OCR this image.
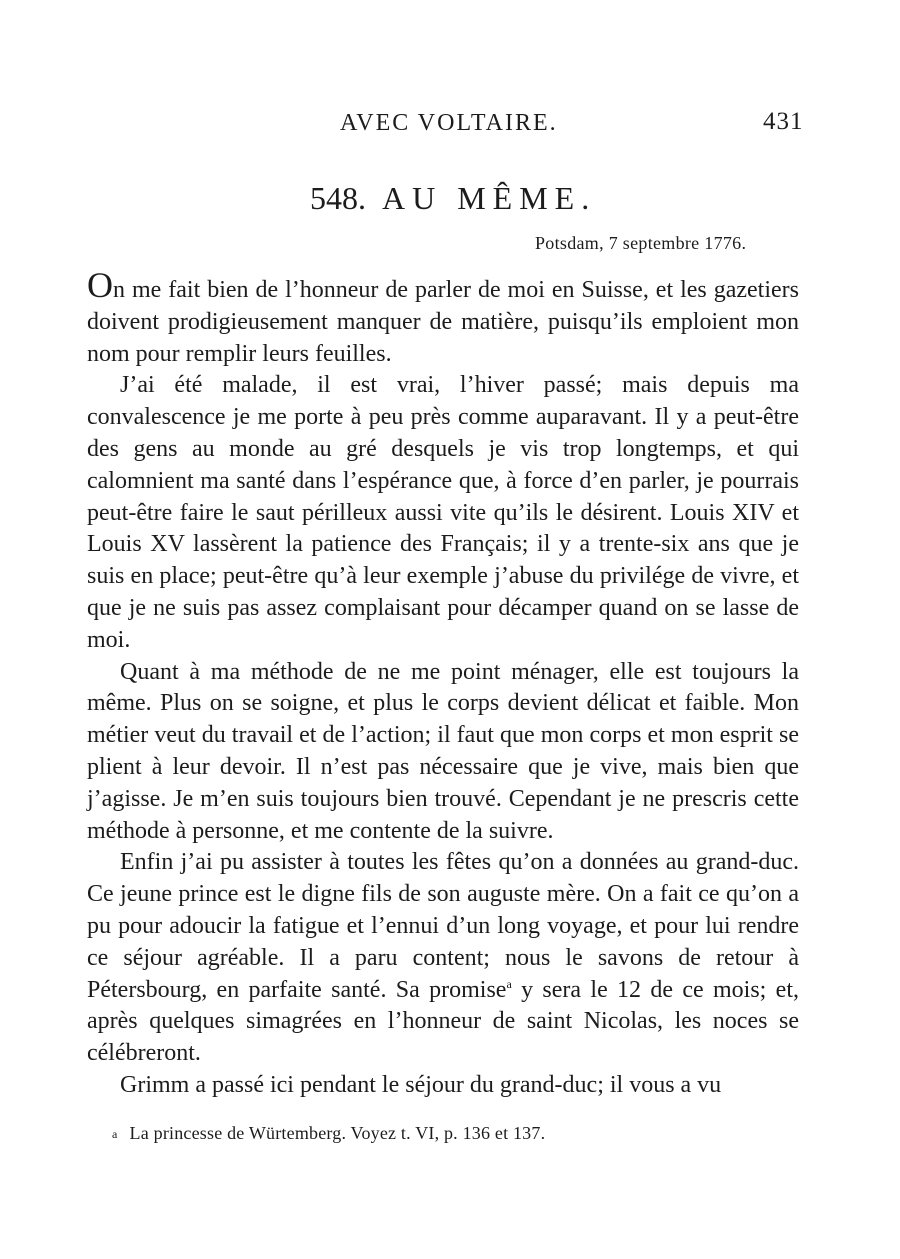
AVEC VOLTAIRE.	431
548. AU MÊME.
Potsdam, 7 septembre 1776.

On me fait bien de l’honneur de parler de moi en Suisse, et les gazetiers doivent prodigieusement manquer de matière, puisqu’ils emploient mon nom pour remplir leurs feuilles.

J’ai été malade, il est vrai, l’hiver passé; mais depuis ma convalescence je me porte à peu près comme auparavant. Il y a peut-être des gens au monde au gré desquels je vis trop longtemps, et qui calomnient ma santé dans l’espérance que, à force d’en parler, je pourrais peut-être faire le saut périlleux aussi vite qu’ils le désirent. Louis XIV et Louis XV lassèrent la patience des Français; il y a trente-six ans que je suis en place; peut-être qu’à leur exemple j’abuse du privilége de vivre, et que je ne suis pas assez complaisant pour décamper quand on se lasse de moi.

Quant à ma méthode de ne me point ménager, elle est toujours la même. Plus on se soigne, et plus le corps devient délicat et faible. Mon métier veut du travail et de l’action; il faut que mon corps et mon esprit se plient à leur devoir. Il n’est pas nécessaire que je vive, mais bien que j’agisse. Je m’en suis toujours bien trouvé. Cependant je ne prescris cette méthode à personne, et me contente de la suivre.

Enfin j’ai pu assister à toutes les fêtes qu’on a données au grand-duc. Ce jeune prince est le digne fils de son auguste mère. On a fait ce qu’on a pu pour adoucir la fatigue et l’ennui d’un long voyage, et pour lui rendre ce séjour agréable. Il a paru content; nous le savons de retour à Pétersbourg, en parfaite santé. Sa promise$^a$ y sera le 12 de ce mois; et, après quelques simagrées en l’honneur de saint Nicolas, les noces se célébreront.

Grimm a passé ici pendant le séjour du grand-duc; il vous a vu

a La princesse de Würtemberg. Voyez t. VI, p. 136 et 137.
